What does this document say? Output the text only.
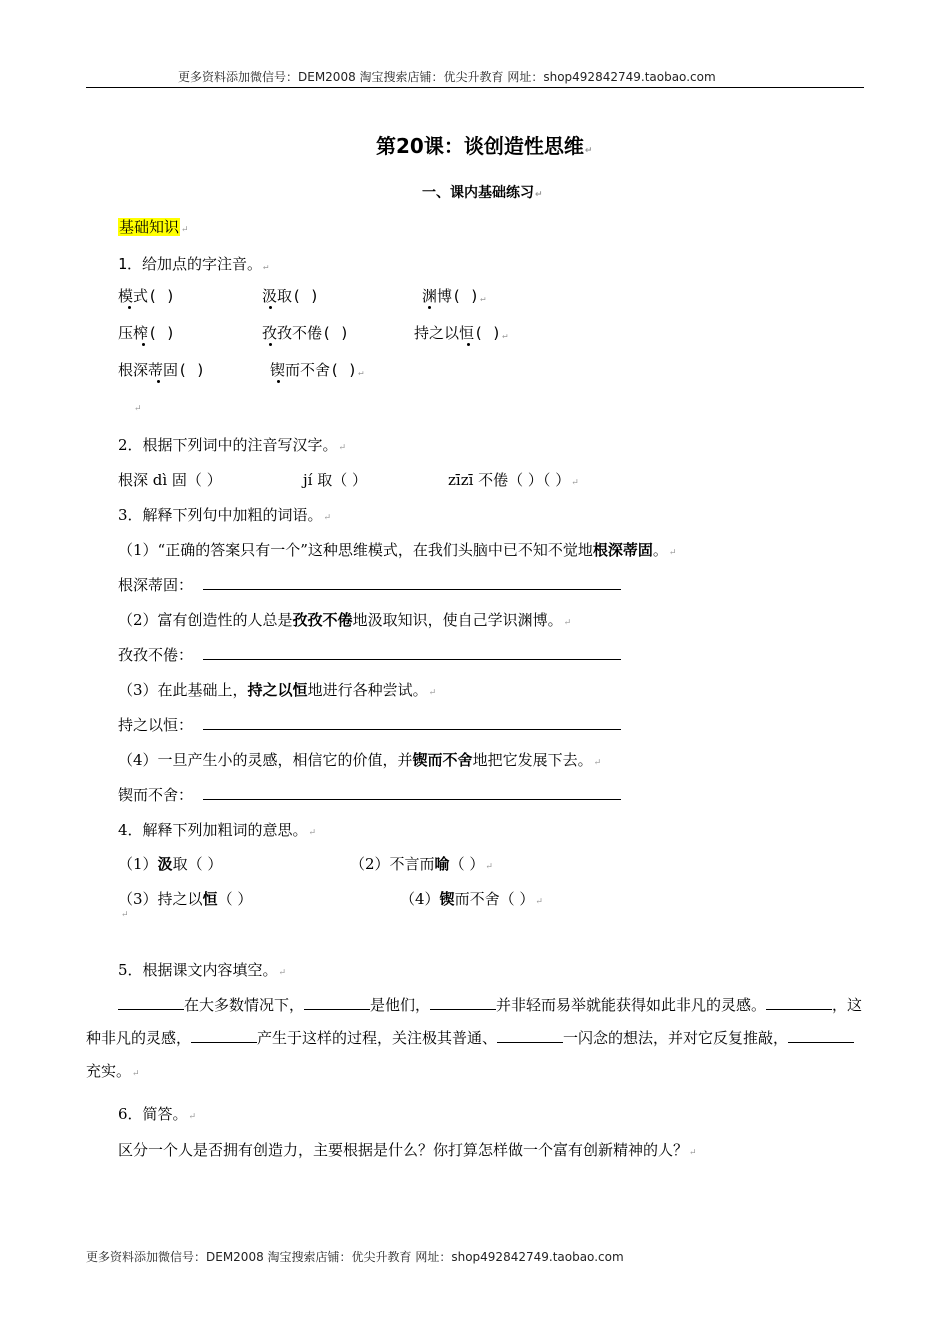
更多资料添加微信号：DEM2008 淘宝搜索店铺：优尖升教育 网址：shop492842749.taobao.com
第20课：谈创造性思维↵
一、课内基础练习↵
基础知识 ↵
1．给加点的字注音。↵
模式( )	汲取( )	渊博( )↵
压榨( )	孜孜不倦( )	持之以恒( )↵
根深蒂固( )	锲而不舍( )↵
↵
2．根据下列词中的注音写汉字。↵
根深 dì 固（ ）	jí 取（ ）	zīzī 不倦（ ）（ ）↵
3．解释下列句中加粗的词语。↵
（1）“正确的答案只有一个”这种思维模式，在我们头脑中已不知不觉地根深蒂固。↵
根深蒂固：
（2）富有创造性的人总是孜孜不倦地汲取知识，使自己学识渊博。↵
孜孜不倦：
（3）在此基础上，持之以恒地进行各种尝试。↵
持之以恒：
（4）一旦产生小的灵感，相信它的价值，并锲而不舍地把它发展下去。↵
锲而不舍：
4．解释下列加粗词的意思。↵
（1）汲取（ ）	（2）不言而喻（ ）↵
（3）持之以恒（ ）	（4）锲而不舍（ ）↵
↵
5．根据课文内容填空。↵
在大多数情况下，	是他们，	并非轻而易举就能获得如此非凡的灵感。	，这种非凡的灵感，	产生于这样的过程，关注极其普通、	一闪念的想法，并对它反复推敲，充实。↵
6．简答。↵
区分一个人是否拥有创造力，主要根据是什么？你打算怎样做一个富有创新精神的人？↵
更多资料添加微信号：DEM2008 淘宝搜索店铺：优尖升教育 网址：shop492842749.taobao.com
